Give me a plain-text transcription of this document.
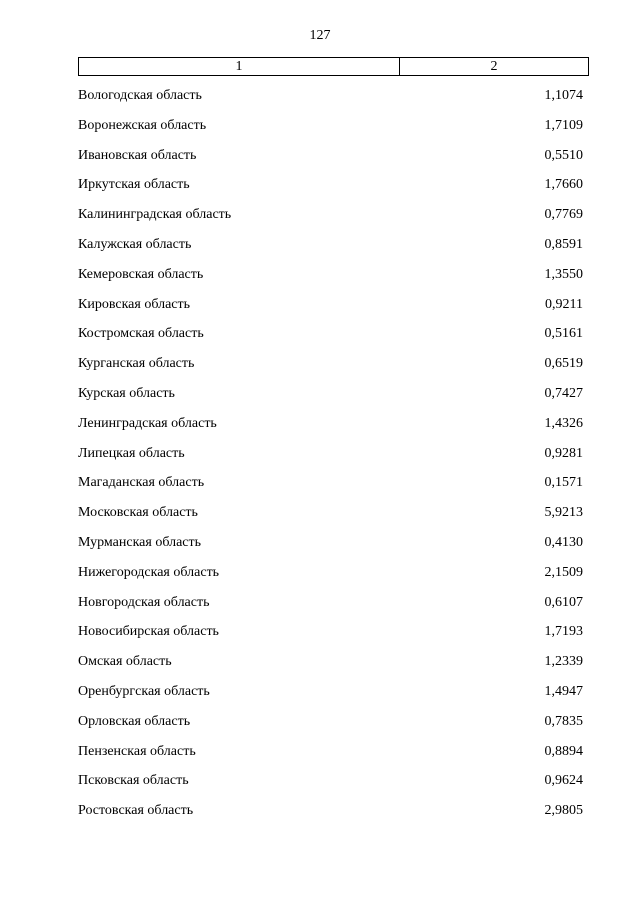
127
1	2
Вологодская область	1,1074
Воронежская область	1,7109
Ивановская область	0,5510
Иркутская область	1,7660
Калининградская область	0,7769
Калужская область	0,8591
Кемеровская область	1,3550
Кировская область	0,9211
Костромская область	0,5161
Курганская область	0,6519
Курская область	0,7427
Ленинградская область	1,4326
Липецкая область	0,9281
Магаданская область	0,1571
Московская область	5,9213
Мурманская область	0,4130
Нижегородская область	2,1509
Новгородская область	0,6107
Новосибирская область	1,7193
Омская область	1,2339
Оренбургская область	1,4947
Орловская область	0,7835
Пензенская область	0,8894
Псковская область	0,9624
Ростовская область	2,9805
